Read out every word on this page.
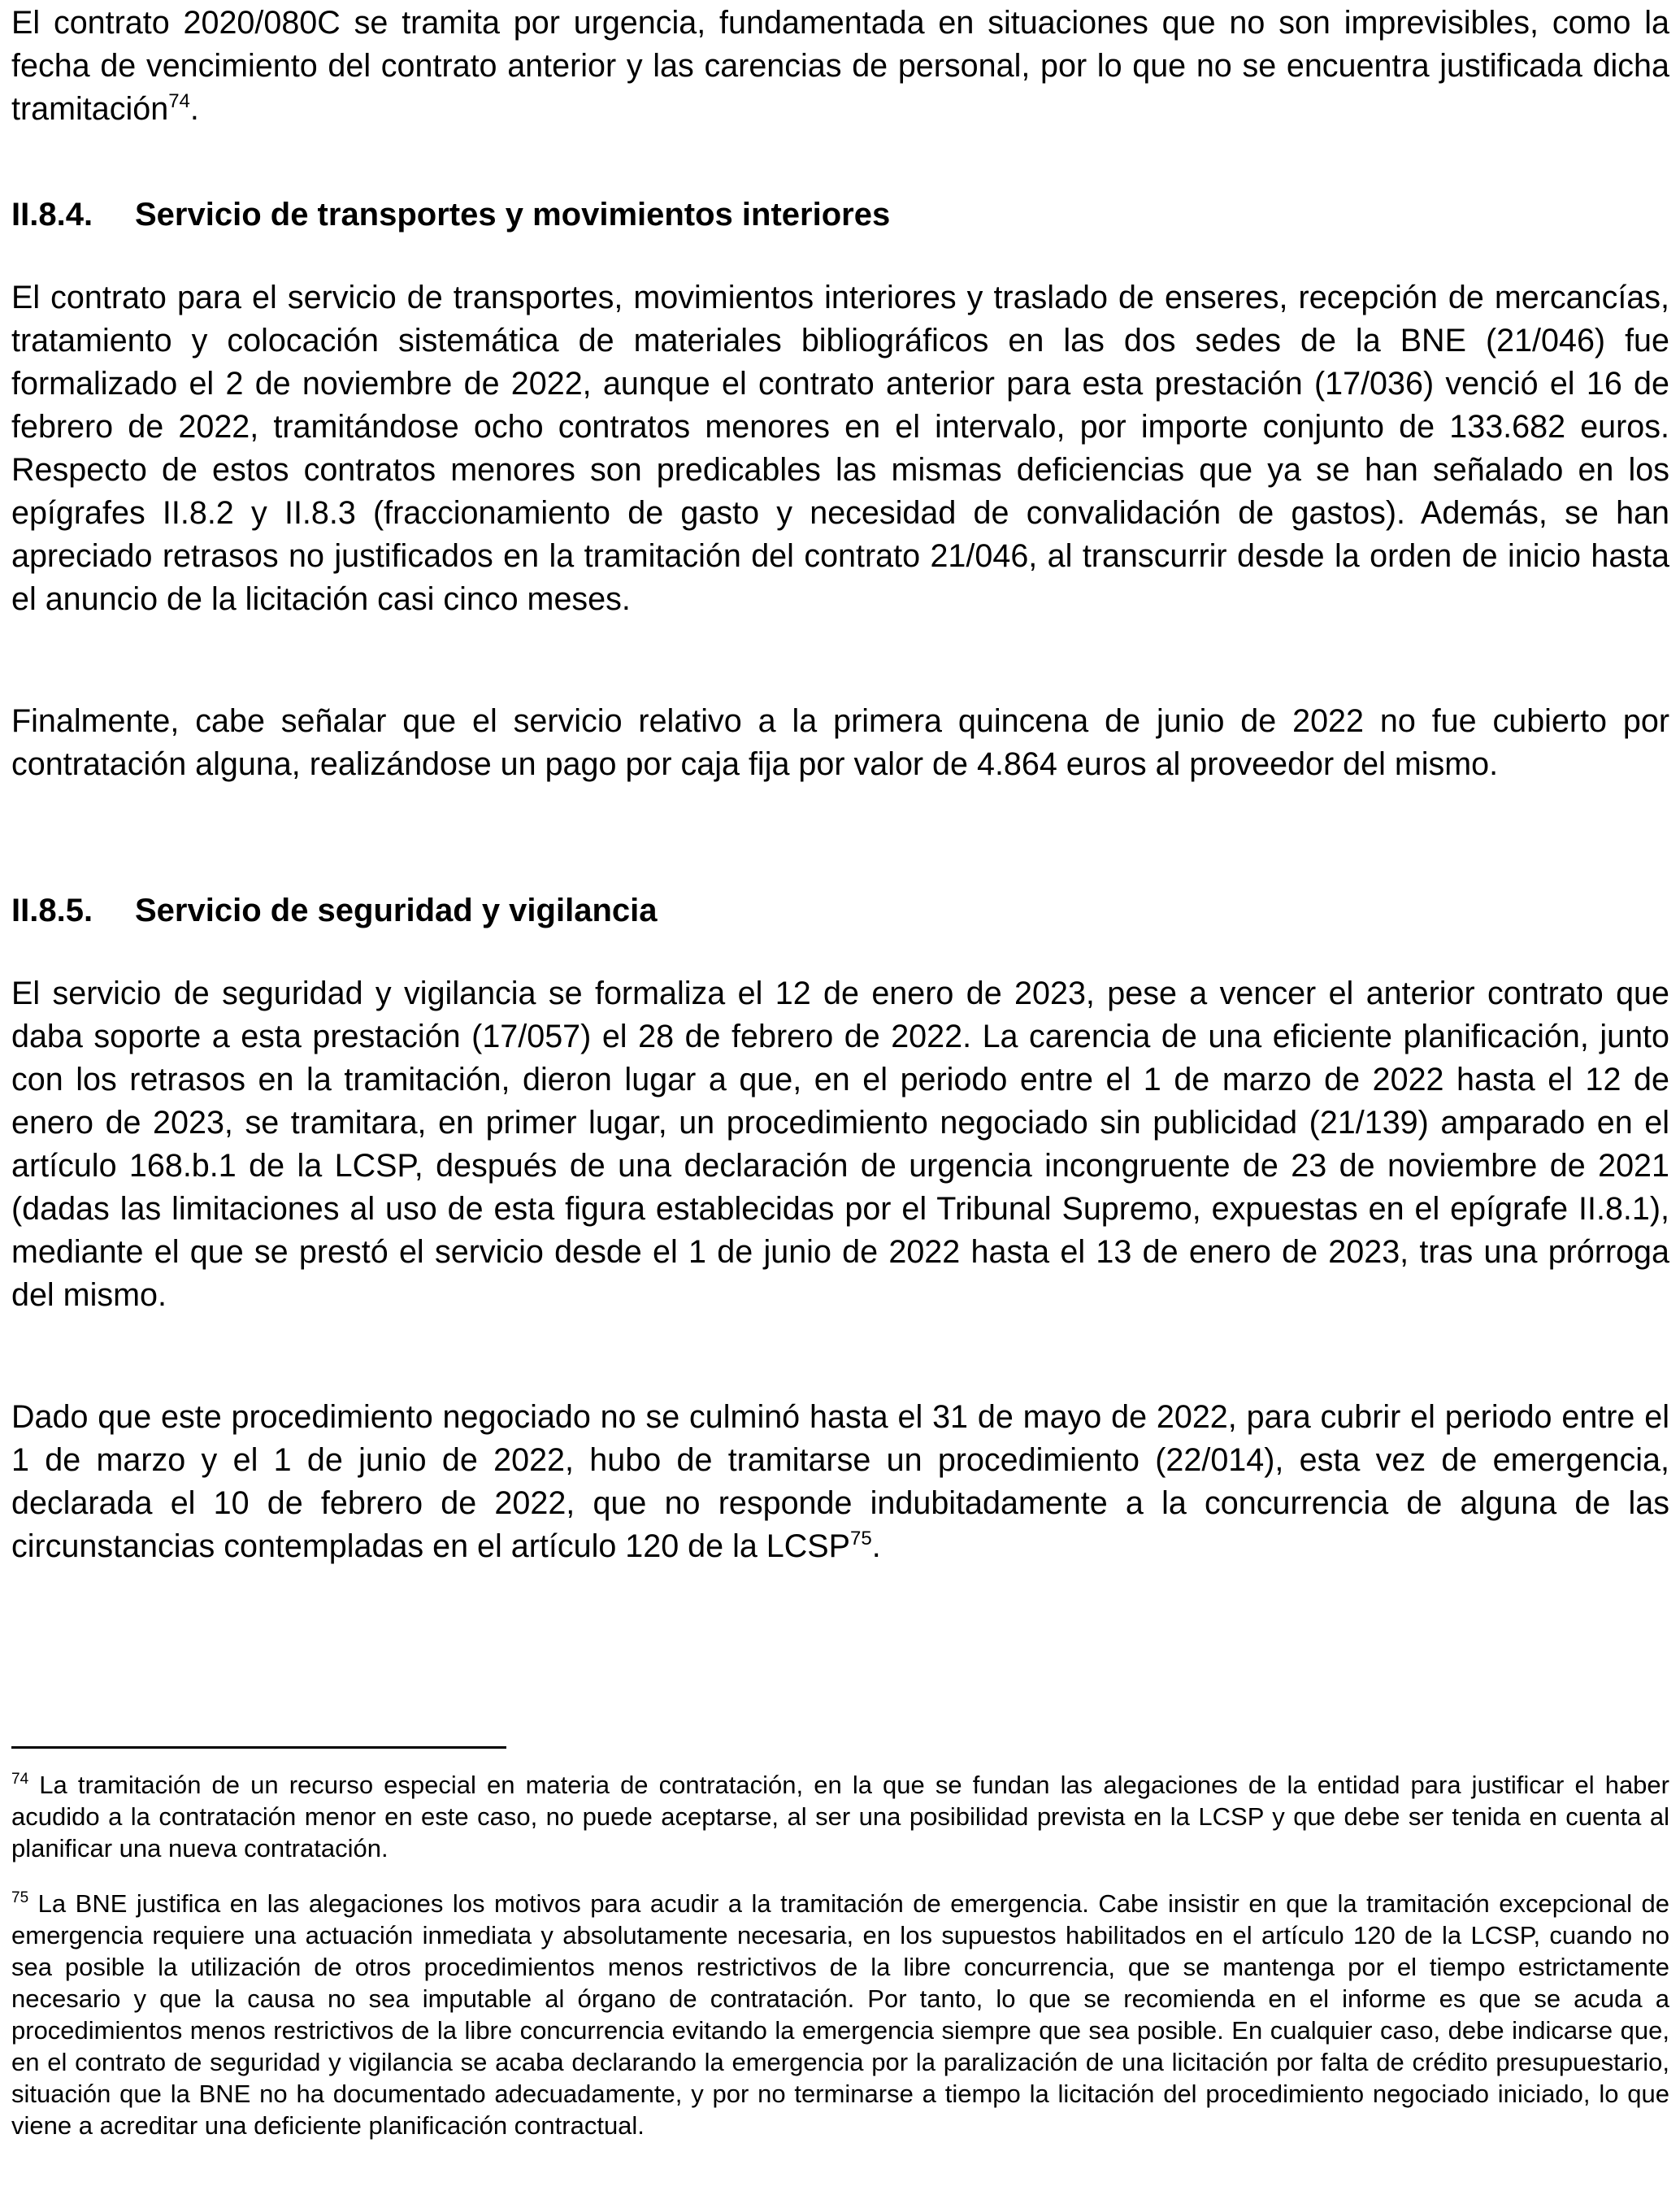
El contrato 2020/080C se tramita por urgencia, fundamentada en situaciones que no son imprevisibles, como la fecha de vencimiento del contrato anterior y las carencias de personal, por lo que no se encuentra justificada dicha tramitación$^{74}$.

II.8.4. Servicio de transportes y movimientos interiores

El contrato para el servicio de transportes, movimientos interiores y traslado de enseres, recepción de mercancías, tratamiento y colocación sistemática de materiales bibliográficos en las dos sedes de la BNE (21/046) fue formalizado el 2 de noviembre de 2022, aunque el contrato anterior para esta prestación (17/036) venció el 16 de febrero de 2022, tramitándose ocho contratos menores en el intervalo, por importe conjunto de 133.682 euros. Respecto de estos contratos menores son predicables las mismas deficiencias que ya se han señalado en los epígrafes II.8.2 y II.8.3 (fraccionamiento de gasto y necesidad de convalidación de gastos). Además, se han apreciado retrasos no justificados en la tramitación del contrato 21/046, al transcurrir desde la orden de inicio hasta el anuncio de la licitación casi cinco meses.

Finalmente, cabe señalar que el servicio relativo a la primera quincena de junio de 2022 no fue cubierto por contratación alguna, realizándose un pago por caja fija por valor de 4.864 euros al proveedor del mismo.

II.8.5. Servicio de seguridad y vigilancia

El servicio de seguridad y vigilancia se formaliza el 12 de enero de 2023, pese a vencer el anterior contrato que daba soporte a esta prestación (17/057) el 28 de febrero de 2022. La carencia de una eficiente planificación, junto con los retrasos en la tramitación, dieron lugar a que, en el periodo entre el 1 de marzo de 2022 hasta el 12 de enero de 2023, se tramitara, en primer lugar, un procedimiento negociado sin publicidad (21/139) amparado en el artículo 168.b.1 de la LCSP, después de una declaración de urgencia incongruente de 23 de noviembre de 2021 (dadas las limitaciones al uso de esta figura establecidas por el Tribunal Supremo, expuestas en el epígrafe II.8.1), mediante el que se prestó el servicio desde el 1 de junio de 2022 hasta el 13 de enero de 2023, tras una prórroga del mismo.

Dado que este procedimiento negociado no se culminó hasta el 31 de mayo de 2022, para cubrir el periodo entre el 1 de marzo y el 1 de junio de 2022, hubo de tramitarse un procedimiento (22/014), esta vez de emergencia, declarada el 10 de febrero de 2022, que no responde indubitadamente a la concurrencia de alguna de las circunstancias contempladas en el artículo 120 de la LCSP$^{75}$.

$^{74}$ La tramitación de un recurso especial en materia de contratación, en la que se fundan las alegaciones de la entidad para justificar el haber acudido a la contratación menor en este caso, no puede aceptarse, al ser una posibilidad prevista en la LCSP y que debe ser tenida en cuenta al planificar una nueva contratación.

$^{75}$ La BNE justifica en las alegaciones los motivos para acudir a la tramitación de emergencia. Cabe insistir en que la tramitación excepcional de emergencia requiere una actuación inmediata y absolutamente necesaria, en los supuestos habilitados en el artículo 120 de la LCSP, cuando no sea posible la utilización de otros procedimientos menos restrictivos de la libre concurrencia, que se mantenga por el tiempo estrictamente necesario y que la causa no sea imputable al órgano de contratación. Por tanto, lo que se recomienda en el informe es que se acuda a procedimientos menos restrictivos de la libre concurrencia evitando la emergencia siempre que sea posible. En cualquier caso, debe indicarse que, en el contrato de seguridad y vigilancia se acaba declarando la emergencia por la paralización de una licitación por falta de crédito presupuestario, situación que la BNE no ha documentado adecuadamente, y por no terminarse a tiempo la licitación del procedimiento negociado iniciado, lo que viene a acreditar una deficiente planificación contractual.
